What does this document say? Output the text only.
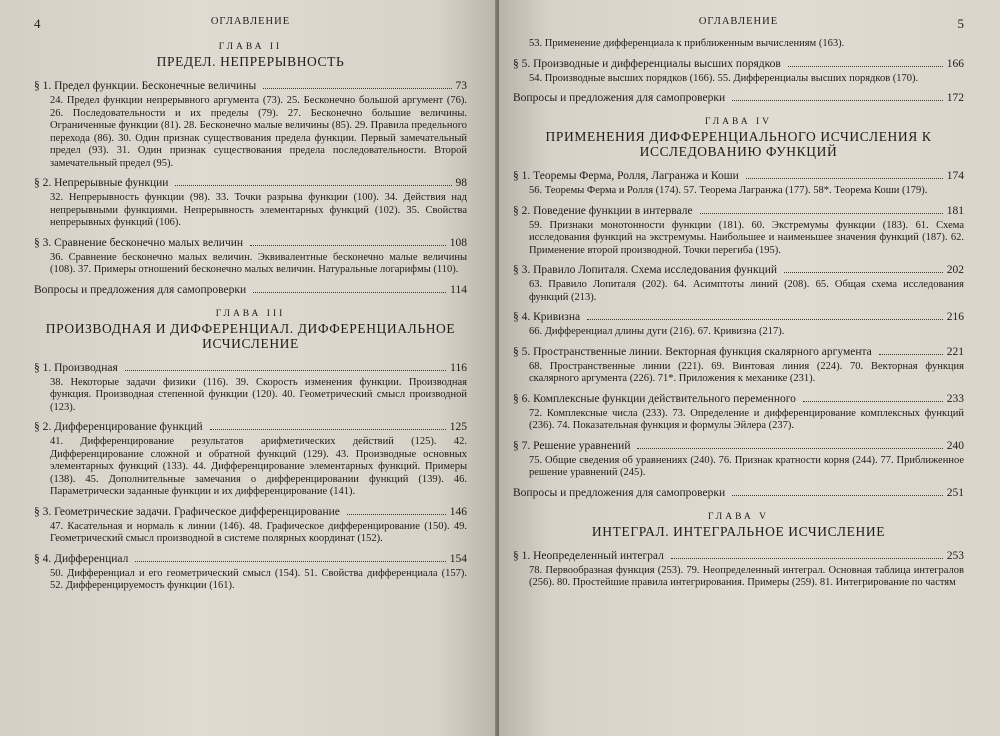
4	ОГЛАВЛЕНИЕ
ГЛАВА II
ПРЕДЕЛ. НЕПРЕРЫВНОСТЬ
§ 1. Предел функции. Бесконечные величины	73
24. Предел функции непрерывного аргумента (73). 25. Бесконечно большой аргумент (76). 26. Последовательности и их пределы (79). 27. Бесконечно большие величины. Ограниченные функции (81). 28. Бесконечно малые величины (85). 29. Правила предельного перехода (86). 30. Один признак существования предела функции. Первый замечательный предел (93). 31. Один признак существования предела последовательности. Второй замечательный предел (95).
§ 2. Непрерывные функции	98
32. Непрерывность функции (98). 33. Точки разрыва функции (100). 34. Действия над непрерывными функциями. Непрерывность элементарных функций (102). 35. Свойства непрерывных функций (106).
§ 3. Сравнение бесконечно малых величин	108
36. Сравнение бесконечно малых величин. Эквивалентные бесконечно малые величины (108). 37. Примеры отношений бесконечно малых величин. Натуральные логарифмы (110).
Вопросы и предложения для самопроверки	114
ГЛАВА III
ПРОИЗВОДНАЯ И ДИФФЕРЕНЦИАЛ. ДИФФЕРЕНЦИАЛЬНОЕ ИСЧИСЛЕНИЕ
§ 1. Производная	116
38. Некоторые задачи физики (116). 39. Скорость изменения функции. Производная функция. Производная степенной функции (120). 40. Геометрический смысл производной (123).
§ 2. Дифференцирование функций	125
41. Дифференцирование результатов арифметических действий (125). 42. Дифференцирование сложной и обратной функций (129). 43. Производные основных элементарных функций (133). 44. Дифференцирование элементарных функций. Примеры (138). 45. Дополнительные замечания о дифференцировании функций (139). 46. Параметрически заданные функции и их дифференцирование (141).
§ 3. Геометрические задачи. Графическое дифференцирование	146
47. Касательная и нормаль к линии (146). 48. Графическое дифференцирование (150). 49. Геометрический смысл производной в системе полярных координат (152).
§ 4. Дифференциал	154
50. Дифференциал и его геометрический смысл (154). 51. Свойства дифференциала (157). 52. Дифференцируемость функции (161).
ОГЛАВЛЕНИЕ	5
53. Применение дифференциала к приближенным вычислениям (163).
§ 5. Производные и дифференциалы высших порядков	166
54. Производные высших порядков (166). 55. Дифференциалы высших порядков (170).
Вопросы и предложения для самопроверки	172
ГЛАВА IV
ПРИМЕНЕНИЯ ДИФФЕРЕНЦИАЛЬНОГО ИСЧИСЛЕНИЯ К ИССЛЕДОВАНИЮ ФУНКЦИЙ
§ 1. Теоремы Ферма, Ролля, Лагранжа и Коши	174
56. Теоремы Ферма и Ролля (174). 57. Теорема Лагранжа (177). 58*. Теорема Коши (179).
§ 2. Поведение функции в интервале	181
59. Признаки монотонности функции (181). 60. Экстремумы функции (183). 61. Схема исследования функций на экстремумы. Наибольшее и наименьшее значения функций (187). 62. Применение второй производной. Точки перегиба (195).
§ 3. Правило Лопиталя. Схема исследования функций	202
63. Правило Лопиталя (202). 64. Асимптоты линий (208). 65. Общая схема исследования функций (213).
§ 4. Кривизна	216
66. Дифференциал длины дуги (216). 67. Кривизна (217).
§ 5. Пространственные линии. Векторная функция скалярного аргумента	221
68. Пространственные линии (221). 69. Винтовая линия (224). 70. Векторная функция скалярного аргумента (226). 71*. Приложения к механике (231).
§ 6. Комплексные функции действительного переменного	233
72. Комплексные числа (233). 73. Определение и дифференцирование комплексных функций (236). 74. Показательная функция и формулы Эйлера (237).
§ 7. Решение уравнений	240
75. Общие сведения об уравнениях (240). 76. Признак кратности корня (244). 77. Приближенное решение уравнений (245).
Вопросы и предложения для самопроверки	251
ГЛАВА V
ИНТЕГРАЛ. ИНТЕГРАЛЬНОЕ ИСЧИСЛЕНИЕ
§ 1. Неопределенный интеграл	253
78. Первообразная функция (253). 79. Неопределенный интеграл. Основная таблица интегралов (256). 80. Простейшие правила интегрирования. Примеры (259). 81. Интегрирование по частям
